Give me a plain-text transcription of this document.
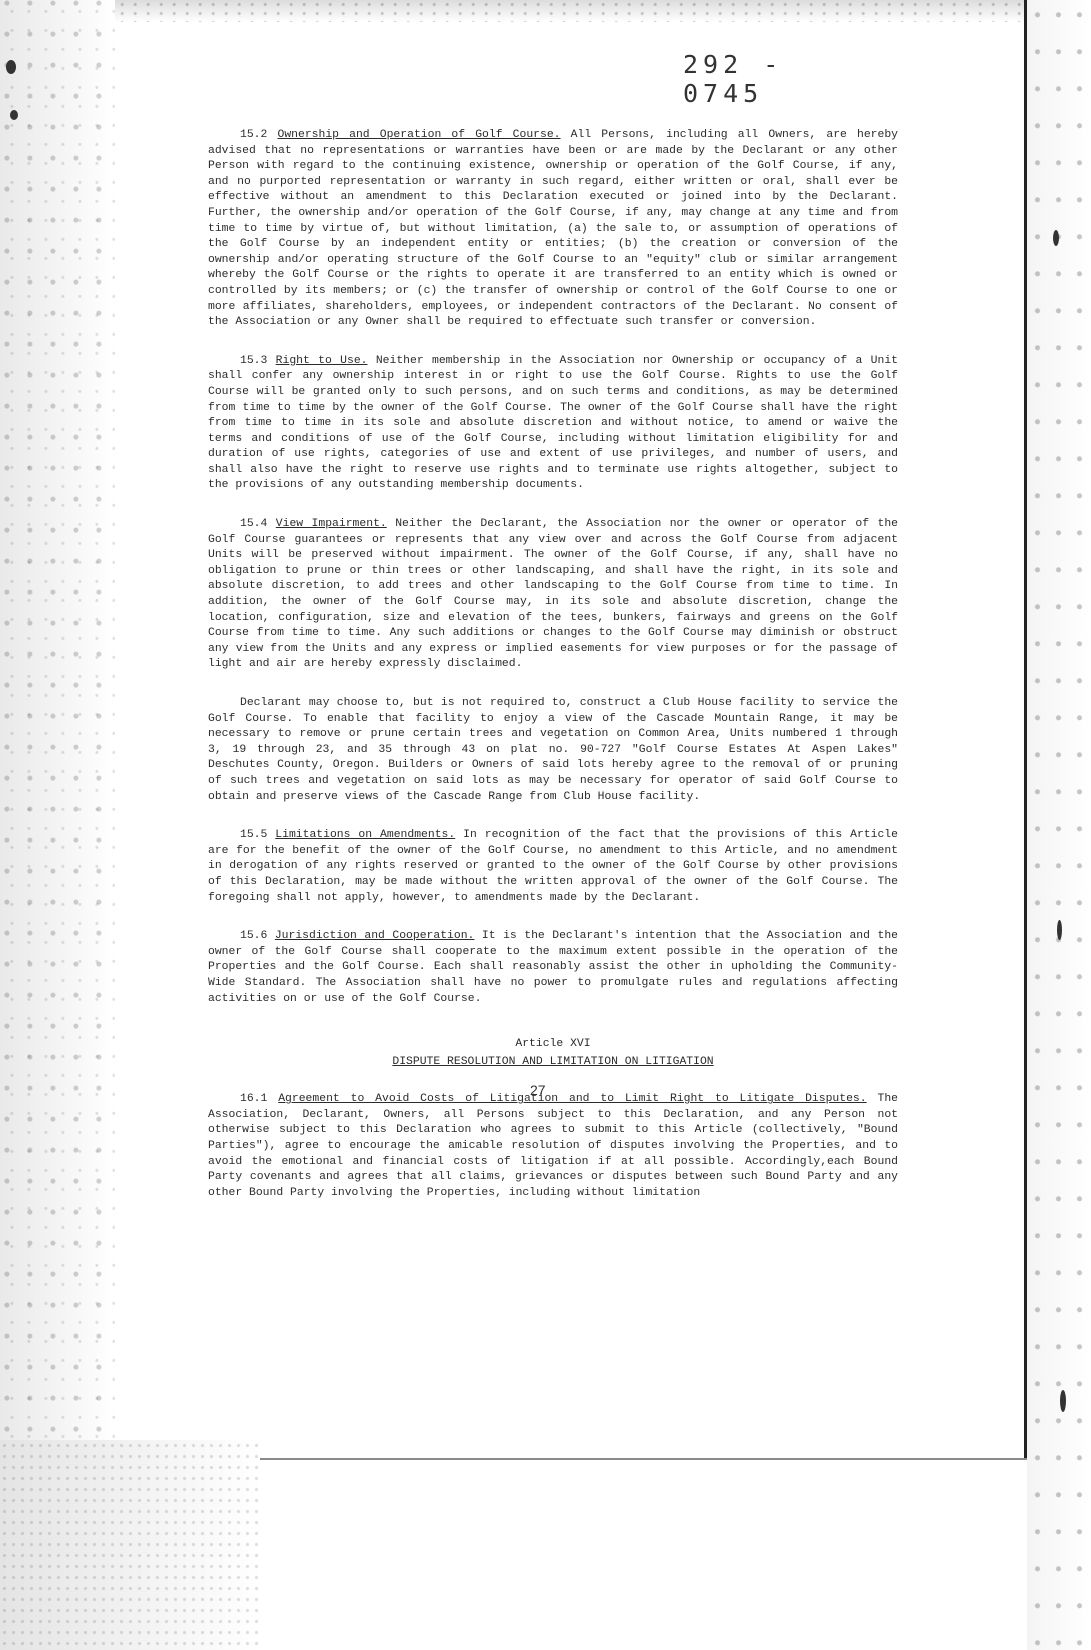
292 - 0745

15.2 Ownership and Operation of Golf Course. All Persons, including all Owners, are hereby advised that no representations or warranties have been or are made by the Declarant or any other Person with regard to the continuing existence, ownership or operation of the Golf Course, if any, and no purported representation or warranty in such regard, either written or oral, shall ever be effective without an amendment to this Declaration executed or joined into by the Declarant. Further, the ownership and/or operation of the Golf Course, if any, may change at any time and from time to time by virtue of, but without limitation, (a) the sale to, or assumption of operations of the Golf Course by an independent entity or entities; (b) the creation or conversion of the ownership and/or operating structure of the Golf Course to an "equity" club or similar arrangement whereby the Golf Course or the rights to operate it are transferred to an entity which is owned or controlled by its members; or (c) the transfer of ownership or control of the Golf Course to one or more affiliates, shareholders, employees, or independent contractors of the Declarant. No consent of the Association or any Owner shall be required to effectuate such transfer or conversion.

15.3 Right to Use. Neither membership in the Association nor Ownership or occupancy of a Unit shall confer any ownership interest in or right to use the Golf Course. Rights to use the Golf Course will be granted only to such persons, and on such terms and conditions, as may be determined from time to time by the owner of the Golf Course. The owner of the Golf Course shall have the right from time to time in its sole and absolute discretion and without notice, to amend or waive the terms and conditions of use of the Golf Course, including without limitation eligibility for and duration of use rights, categories of use and extent of use privileges, and number of users, and shall also have the right to reserve use rights and to terminate use rights altogether, subject to the provisions of any outstanding membership documents.

15.4 View Impairment. Neither the Declarant, the Association nor the owner or operator of the Golf Course guarantees or represents that any view over and across the Golf Course from adjacent Units will be preserved without impairment. The owner of the Golf Course, if any, shall have no obligation to prune or thin trees or other landscaping, and shall have the right, in its sole and absolute discretion, to add trees and other landscaping to the Golf Course from time to time. In addition, the owner of the Golf Course may, in its sole and absolute discretion, change the location, configuration, size and elevation of the tees, bunkers, fairways and greens on the Golf Course from time to time. Any such additions or changes to the Golf Course may diminish or obstruct any view from the Units and any express or implied easements for view purposes or for the passage of light and air are hereby expressly disclaimed.

Declarant may choose to, but is not required to, construct a Club House facility to service the Golf Course. To enable that facility to enjoy a view of the Cascade Mountain Range, it may be necessary to remove or prune certain trees and vegetation on Common Area, Units numbered 1 through 3, 19 through 23, and 35 through 43 on plat no. 90-727 "Golf Course Estates At Aspen Lakes" Deschutes County, Oregon. Builders or Owners of said lots hereby agree to the removal of or pruning of such trees and vegetation on said lots as may be necessary for operator of said Golf Course to obtain and preserve views of the Cascade Range from Club House facility.

15.5 Limitations on Amendments. In recognition of the fact that the provisions of this Article are for the benefit of the owner of the Golf Course, no amendment to this Article, and no amendment in derogation of any rights reserved or granted to the owner of the Golf Course by other provisions of this Declaration, may be made without the written approval of the owner of the Golf Course. The foregoing shall not apply, however, to amendments made by the Declarant.

15.6 Jurisdiction and Cooperation. It is the Declarant's intention that the Association and the owner of the Golf Course shall cooperate to the maximum extent possible in the operation of the Properties and the Golf Course. Each shall reasonably assist the other in upholding the Community-Wide Standard. The Association shall have no power to promulgate rules and regulations affecting activities on or use of the Golf Course.

Article XVI
DISPUTE RESOLUTION AND LIMITATION ON LITIGATION

16.1 Agreement to Avoid Costs of Litigation and to Limit Right to Litigate Disputes. The Association, Declarant, Owners, all Persons subject to this Declaration, and any Person not otherwise subject to this Declaration who agrees to submit to this Article (collectively, "Bound Parties"), agree to encourage the amicable resolution of disputes involving the Properties, and to avoid the emotional and financial costs of litigation if at all possible. Accordingly,each Bound Party covenants and agrees that all claims, grievances or disputes between such Bound Party and any other Bound Party involving the Properties, including without limitation

27
